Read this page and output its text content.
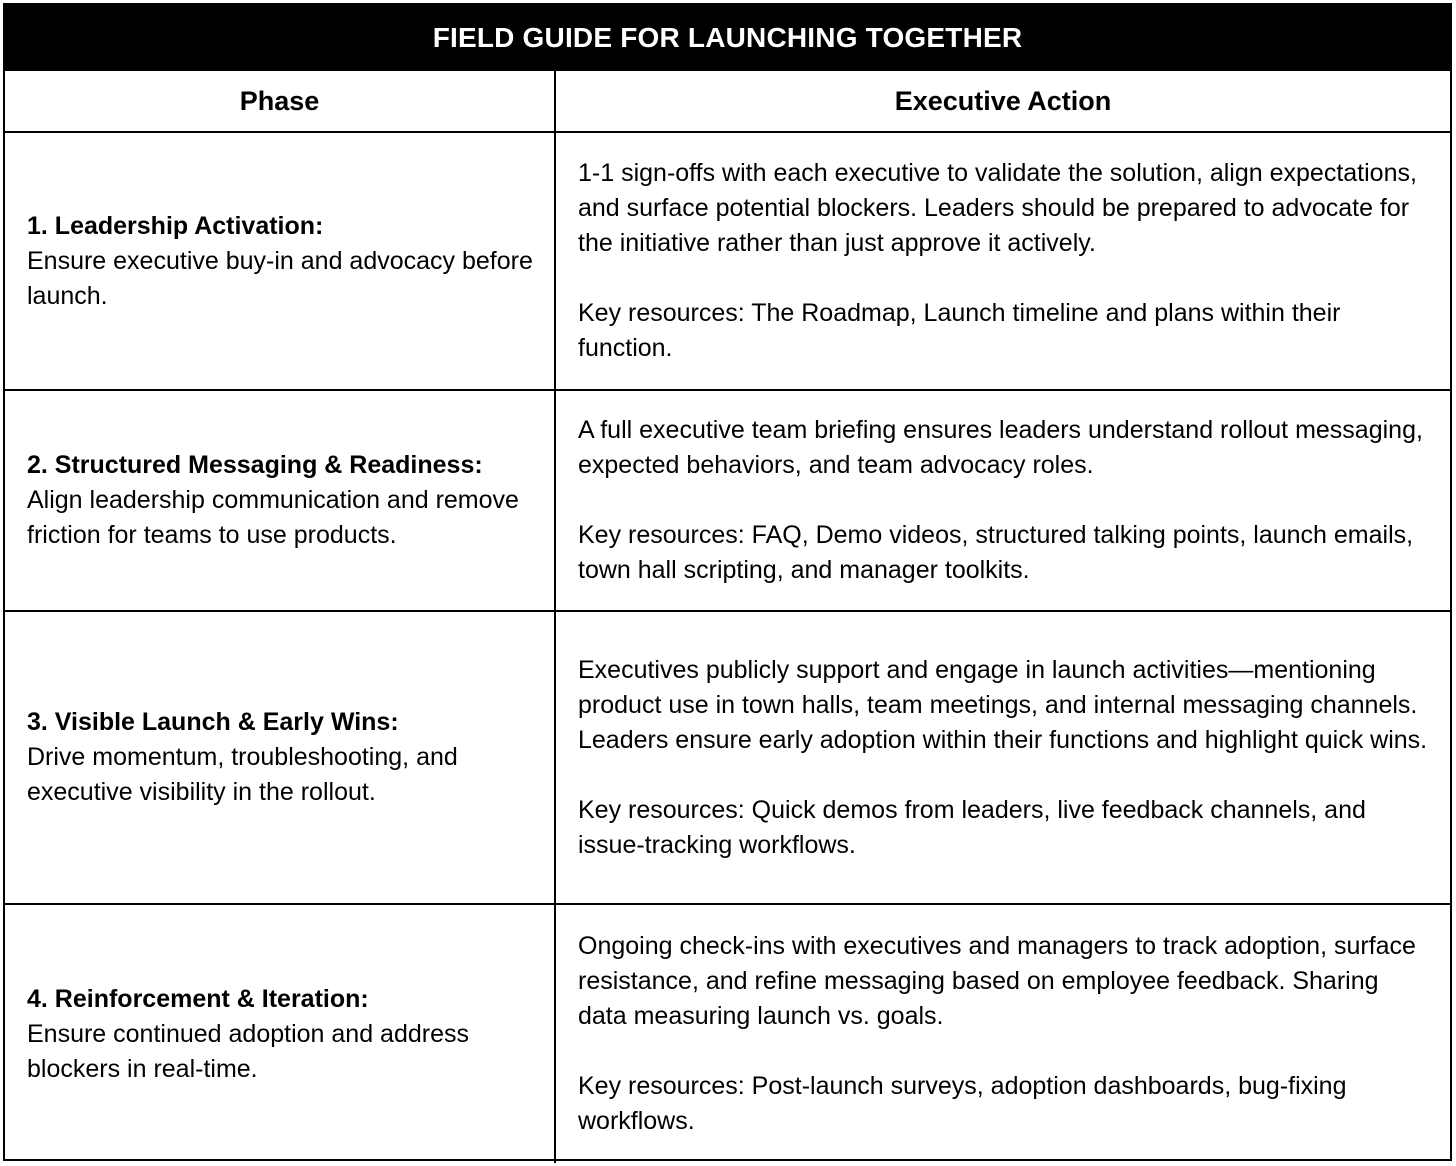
FIELD GUIDE FOR LAUNCHING TOGETHER
Phase	Executive Action

1. Leadership Activation:
Ensure executive buy-in and advocacy before launch.	1-1 sign-offs with each executive to validate the solution, align expectations, and surface potential blockers. Leaders should be prepared to advocate for the initiative rather than just approve it actively.
Key resources: The Roadmap, Launch timeline and plans within their function.

2. Structured Messaging & Readiness:
Align leadership communication and remove friction for teams to use products.	A full executive team briefing ensures leaders understand rollout messaging, expected behaviors, and team advocacy roles.
Key resources: FAQ, Demo videos, structured talking points, launch emails, town hall scripting, and manager toolkits.

3. Visible Launch & Early Wins:
Drive momentum, troubleshooting, and executive visibility in the rollout.	Executives publicly support and engage in launch activities—mentioning product use in town halls, team meetings, and internal messaging channels. Leaders ensure early adoption within their functions and highlight quick wins.
Key resources: Quick demos from leaders, live feedback channels, and issue-tracking workflows.

4. Reinforcement & Iteration:
Ensure continued adoption and address blockers in real-time.	Ongoing check-ins with executives and managers to track adoption, surface resistance, and refine messaging based on employee feedback. Sharing data measuring launch vs. goals.
Key resources: Post-launch surveys, adoption dashboards, bug-fixing workflows.
